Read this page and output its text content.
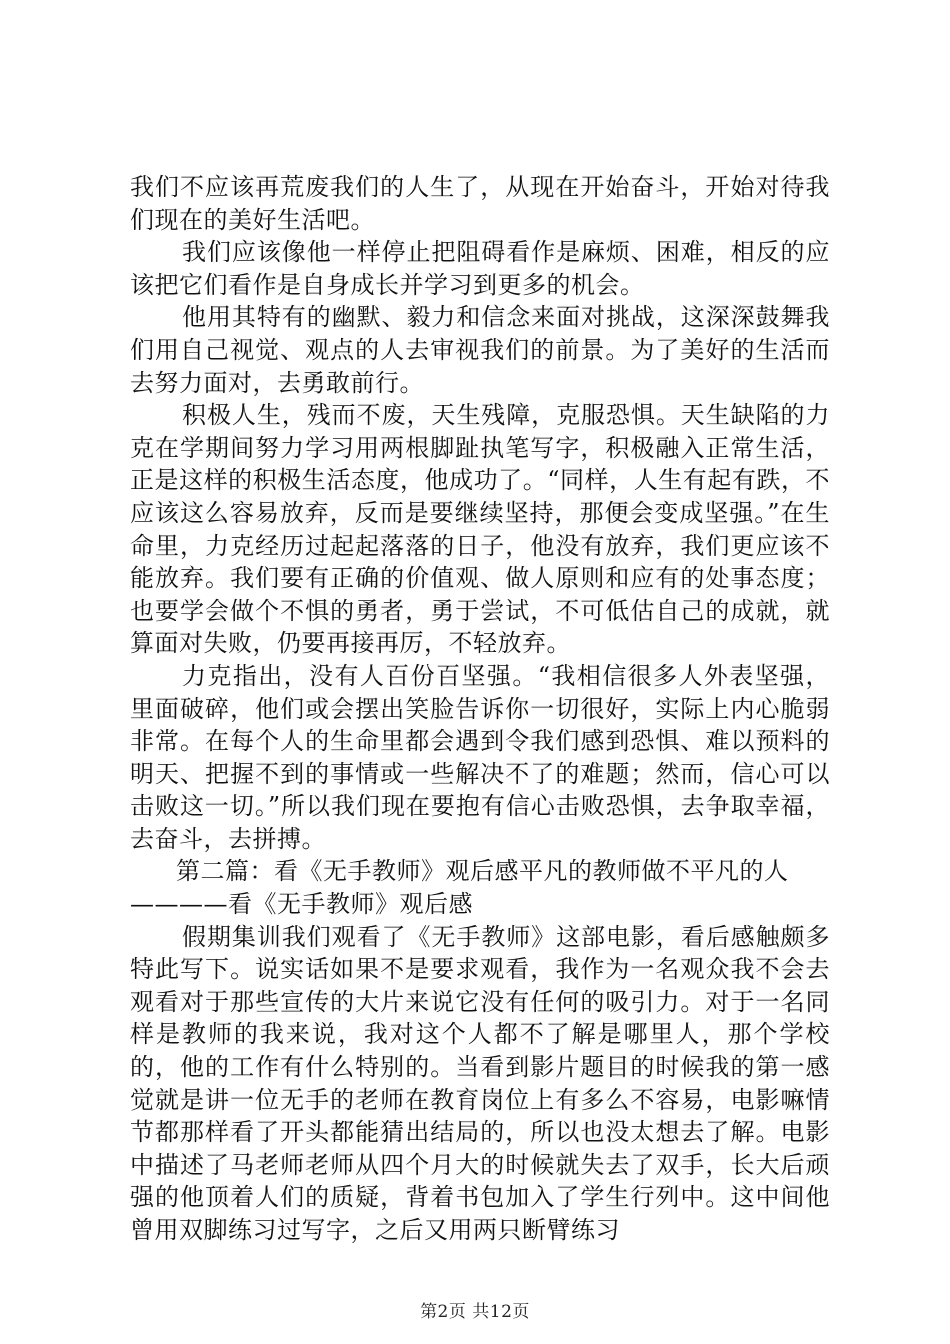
我们不应该再荒废我们的人生了，从现在开始奋斗，开始对待我们现在的美好生活吧。

我们应该像他一样停止把阻碍看作是麻烦、困难，相反的应该把它们看作是自身成长并学习到更多的机会。

他用其特有的幽默、毅力和信念来面对挑战，这深深鼓舞我们用自己视觉、观点的人去审视我们的前景。为了美好的生活而去努力面对，去勇敢前行。

积极人生，残而不废，天生残障，克服恐惧。天生缺陷的力克在学期间努力学习用两根脚趾执笔写字，积极融入正常生活，正是这样的积极生活态度，他成功了。“同样，人生有起有跌，不应该这么容易放弃，反而是要继续坚持，那便会变成坚强。”在生命里，力克经历过起起落落的日子，他没有放弃，我们更应该不能放弃。我们要有正确的价值观、做人原则和应有的处事态度；也要学会做个不惧的勇者，勇于尝试，不可低估自己的成就，就算面对失败，仍要再接再厉，不轻放弃。

力克指出，没有人百份百坚强。“我相信很多人外表坚强，里面破碎，他们或会摆出笑脸告诉你一切很好，实际上内心脆弱非常。在每个人的生命里都会遇到令我们感到恐惧、难以预料的明天、把握不到的事情或一些解决不了的难题；然而，信心可以击败这一切。”所以我们现在要抱有信心击败恐惧，去争取幸福，去奋斗，去拼搏。

第二篇：看《无手教师》观后感平凡的教师做不平凡的人

————看《无手教师》观后感

假期集训我们观看了《无手教师》这部电影，看后感触颇多特此写下。说实话如果不是要求观看，我作为一名观众我不会去观看对于那些宣传的大片来说它没有任何的吸引力。对于一名同样是教师的我来说，我对这个人都不了解是哪里人，那个学校的，他的工作有什么特别的。当看到影片题目的时候我的第一感觉就是讲一位无手的老师在教育岗位上有多么不容易，电影嘛情节都那样看了开头都能猜出结局的，所以也没太想去了解。电影中描述了马老师老师从四个月大的时候就失去了双手，长大后顽强的他顶着人们的质疑，背着书包加入了学生行列中。这中间他曾用双脚练习过写字，之后又用两只断臂练习

第2页 共12页
